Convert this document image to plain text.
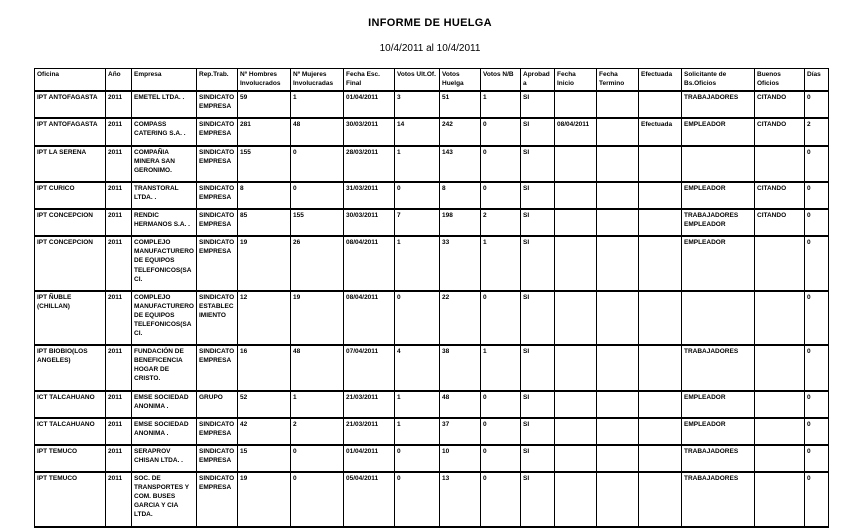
INFORME DE HUELGA
10/4/2011 al 10/4/2011
Oficina	Año	Empresa	Rep.Trab.	Nº Hombres Involucrados	Nº Mujeres Involucradas	Fecha Esc. Final	Votos Ult.Of.	Votos Huelga	Votos N/B	Aprobada	Fecha Inicio	Fecha Termino	Efectuada	Solicitante de Bs.Oficios	Buenos Oficios	Días
IPT ANTOFAGASTA	2011	EMETEL LTDA. .	SINDICATO EMPRESA	59	1	01/04/2011	3	51	1	SI				TRABAJADORES	CITANDO	0
IPT ANTOFAGASTA	2011	COMPASS CATERING S.A. .	SINDICATO EMPRESA	281	48	30/03/2011	14	242	0	SI	08/04/2011		Efectuada	EMPLEADOR	CITANDO	2
IPT LA SERENA	2011	COMPAÑIA MINERA SAN GERONIMO.	SINDICATO EMPRESA	155	0	28/03/2011	1	143	0	SI						0
IPT CURICO	2011	TRANSTORAL LTDA. .	SINDICATO EMPRESA	8	0	31/03/2011	0	8	0	SI				EMPLEADOR	CITANDO	0
IPT CONCEPCION	2011	RENDIC HERMANOS S.A. .	SINDICATO EMPRESA	85	155	30/03/2011	7	198	2	SI				TRABAJADORES EMPLEADOR	CITANDO	0
IPT CONCEPCION	2011	COMPLEJO MANUFACTURERO DE EQUIPOS TELEFONICOS(SACI.	SINDICATO EMPRESA	19	26	08/04/2011	1	33	1	SI				EMPLEADOR		0
IPT ÑUBLE (CHILLAN)	2011	COMPLEJO MANUFACTURERO DE EQUIPOS TELEFONICOS(SACI.	SINDICATO ESTABLECIMIENTO	12	19	08/04/2011	0	22	0	SI						0
IPT BIOBIO(LOS ANGELES)	2011	FUNDACIÓN DE BENEFICENCIA HOGAR DE CRISTO.	SINDICATO EMPRESA	16	48	07/04/2011	4	38	1	SI				TRABAJADORES		0
ICT TALCAHUANO	2011	EMSE SOCIEDAD ANONIMA .	GRUPO	52	1	21/03/2011	1	48	0	SI				EMPLEADOR		0
ICT TALCAHUANO	2011	EMSE SOCIEDAD ANONIMA .	SINDICATO EMPRESA	42	2	21/03/2011	1	37	0	SI				EMPLEADOR		0
IPT TEMUCO	2011	SERAPROV CHISAN LTDA. .	SINDICATO EMPRESA	15	0	01/04/2011	0	10	0	SI				TRABAJADORES		0
IPT TEMUCO	2011	SOC. DE TRANSPORTES Y COM. BUSES GARCIA Y CIA LTDA.	SINDICATO EMPRESA	19	0	05/04/2011	0	13	0	SI				TRABAJADORES		0
